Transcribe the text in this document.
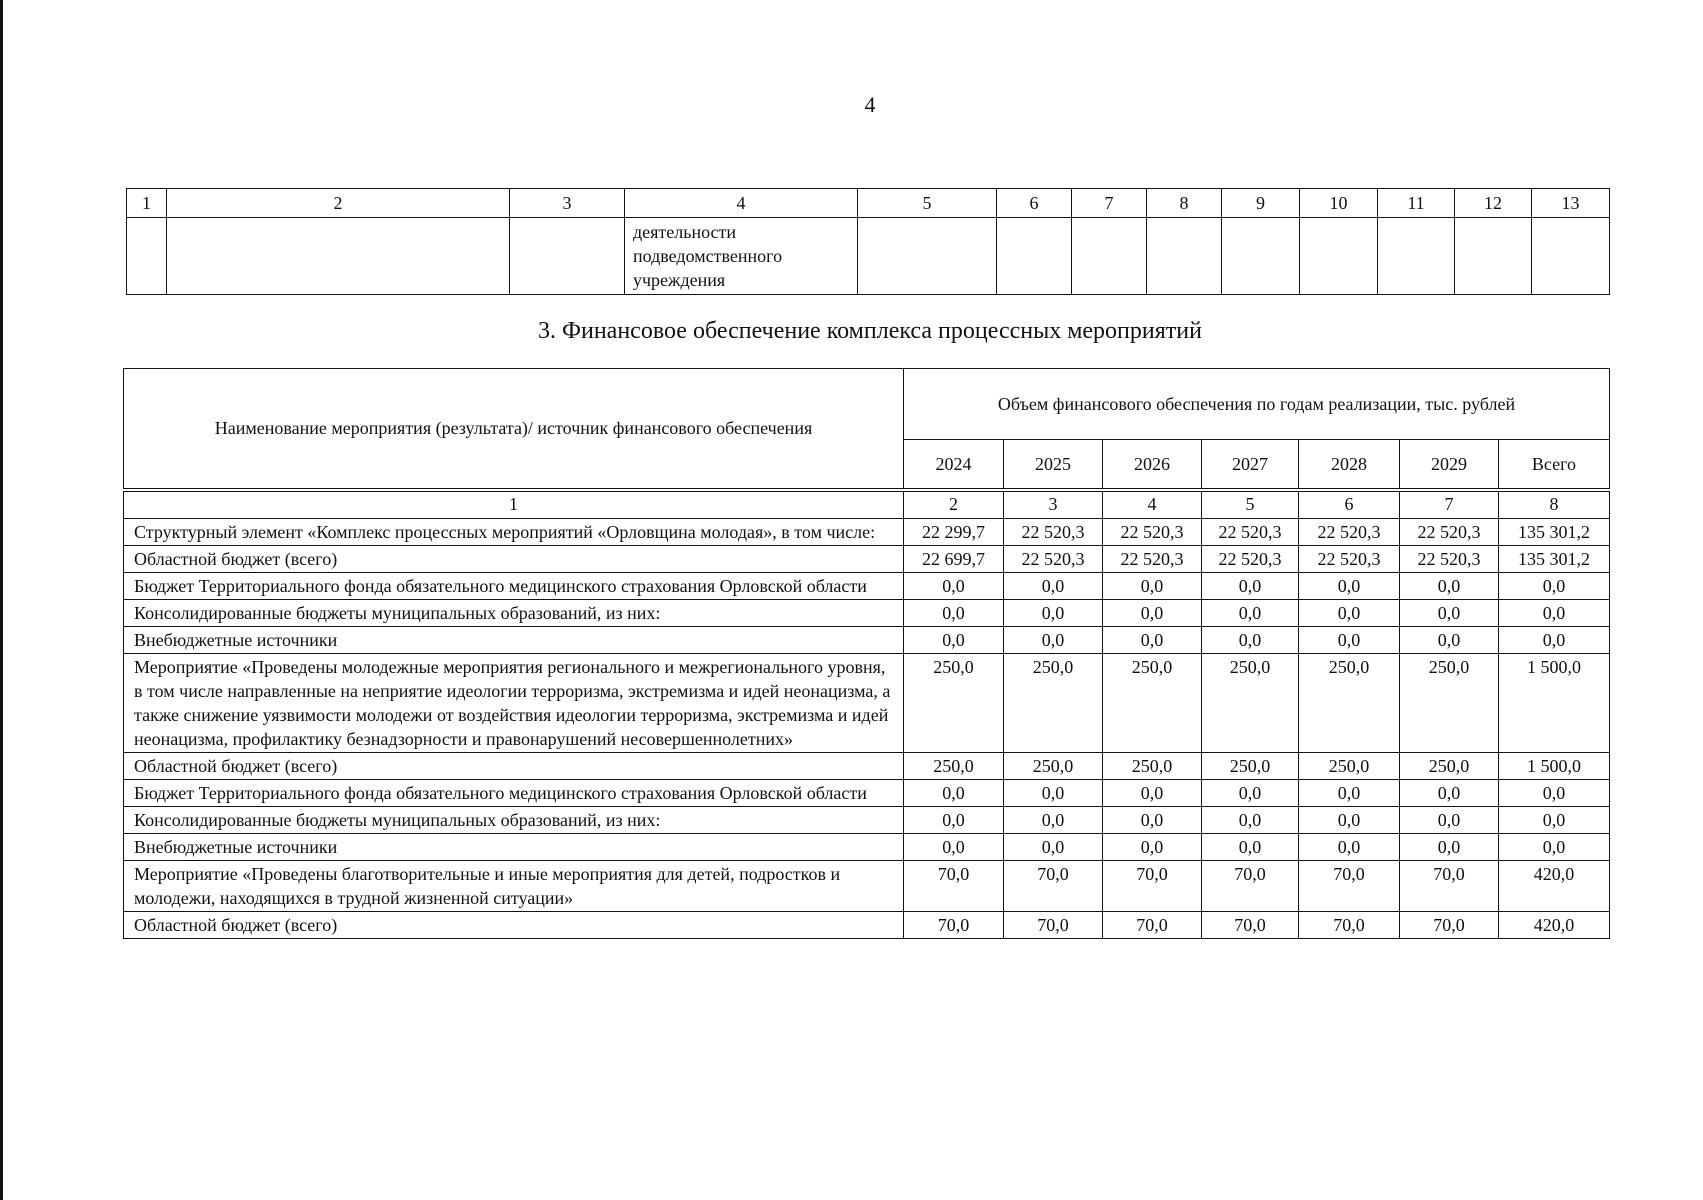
4
1	2	3	4	5	6	7	8	9	10	11	12	13
			деятельности подведомственного учреждения									
3. Финансовое обеспечение комплекса процессных мероприятий
Наименование мероприятия (результата)/ источник финансового обеспечения	Объем финансового обеспечения по годам реализации, тыс. рублей						
	2024	2025	2026	2027	2028	2029	Всего

1	2	3	4	5	6	7	8
Структурный элемент «Комплекс процессных мероприятий «Орловщина молодая», в том числе:	22 299,7	22 520,3	22 520,3	22 520,3	22 520,3	22 520,3	135 301,2
Областной бюджет (всего)	22 699,7	22 520,3	22 520,3	22 520,3	22 520,3	22 520,3	135 301,2
Бюджет Территориального фонда обязательного медицинского страхования Орловской области	0,0	0,0	0,0	0,0	0,0	0,0	0,0
Консолидированные бюджеты муниципальных образований, из них:	0,0	0,0	0,0	0,0	0,0	0,0	0,0
Внебюджетные источники	0,0	0,0	0,0	0,0	0,0	0,0	0,0
Мероприятие «Проведены молодежные мероприятия регионального и межрегионального уровня, в том числе направленные на неприятие идеологии терроризма, экстремизма и идей неонацизма, а также снижение уязвимости молодежи от воздействия идеологии терроризма, экстремизма и идей неонацизма, профилактику безнадзорности и правонарушений несовершеннолетних»	250,0	250,0	250,0	250,0	250,0	250,0	1 500,0
Областной бюджет (всего)	250,0	250,0	250,0	250,0	250,0	250,0	1 500,0
Бюджет Территориального фонда обязательного медицинского страхования Орловской области	0,0	0,0	0,0	0,0	0,0	0,0	0,0
Консолидированные бюджеты муниципальных образований, из них:	0,0	0,0	0,0	0,0	0,0	0,0	0,0
Внебюджетные источники	0,0	0,0	0,0	0,0	0,0	0,0	0,0
Мероприятие «Проведены благотворительные и иные мероприятия для детей, подростков и молодежи, находящихся в трудной жизненной ситуации»	70,0	70,0	70,0	70,0	70,0	70,0	420,0
Областной бюджет (всего)	70,0	70,0	70,0	70,0	70,0	70,0	420,0
